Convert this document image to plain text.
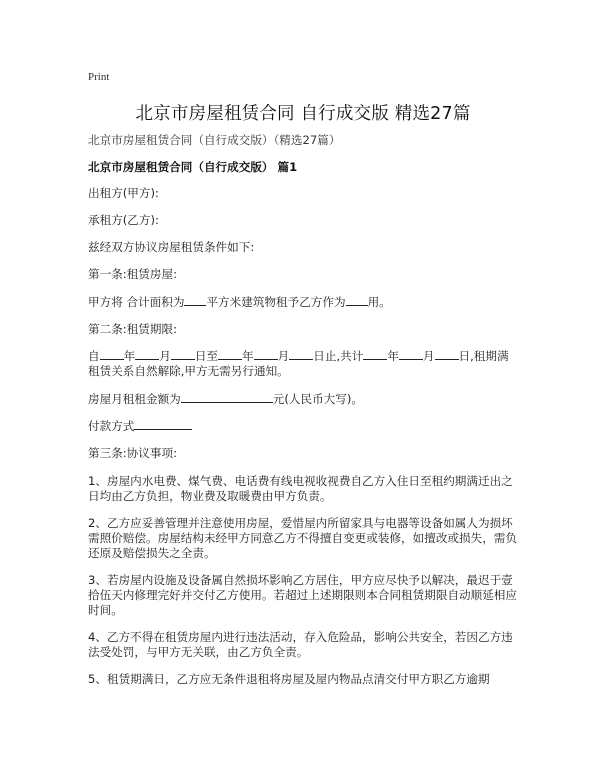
Print
北京市房屋租赁合同 自行成交版 精选27篇
北京市房屋租赁合同（自行成交版）（精选27篇）
北京市房屋租赁合同（自行成交版） 篇1

出租方(甲方):

承租方(乙方):

兹经双方协议房屋租赁条件如下:

第一条:租赁房屋:

甲方将 合计面积为 平方米建筑物租予乙方作为 用。

第二条:租赁期限:

自 年 月 日至 年 月 日止,共计 年 月 日,租期满
租赁关系自然解除,甲方无需另行通知。

房屋月租租金额为	元(人民币大写)。

付款方式

第三条:协议事项:

1、房屋内水电费、煤气费、电话费有线电视收视费自乙方入住日至租约期满迁出之日均由乙方负担，物业费及取暖费由甲方负责。

2、乙方应妥善管理并注意使用房屋，爱惜屋内所留家具与电器等设备如属人为损坏需照价赔偿。房屋结构未经甲方同意乙方不得擅自变更或装修，如擅改或损失，需负还原及赔偿损失之全责。

3、若房屋内设施及设备属自然损坏影响乙方居住，甲方应尽快予以解决，最迟于壹拾伍天内修理完好并交付乙方使用。若超过上述期限则本合同租赁期限自动顺延相应时间。

4、乙方不得在租赁房屋内进行违法活动，存入危险品，影响公共安全，若因乙方违法受处罚，与甲方无关联，由乙方负全责。

5、租赁期满日，乙方应无条件退租将房屋及屋内物品点清交付甲方职乙方逾期
